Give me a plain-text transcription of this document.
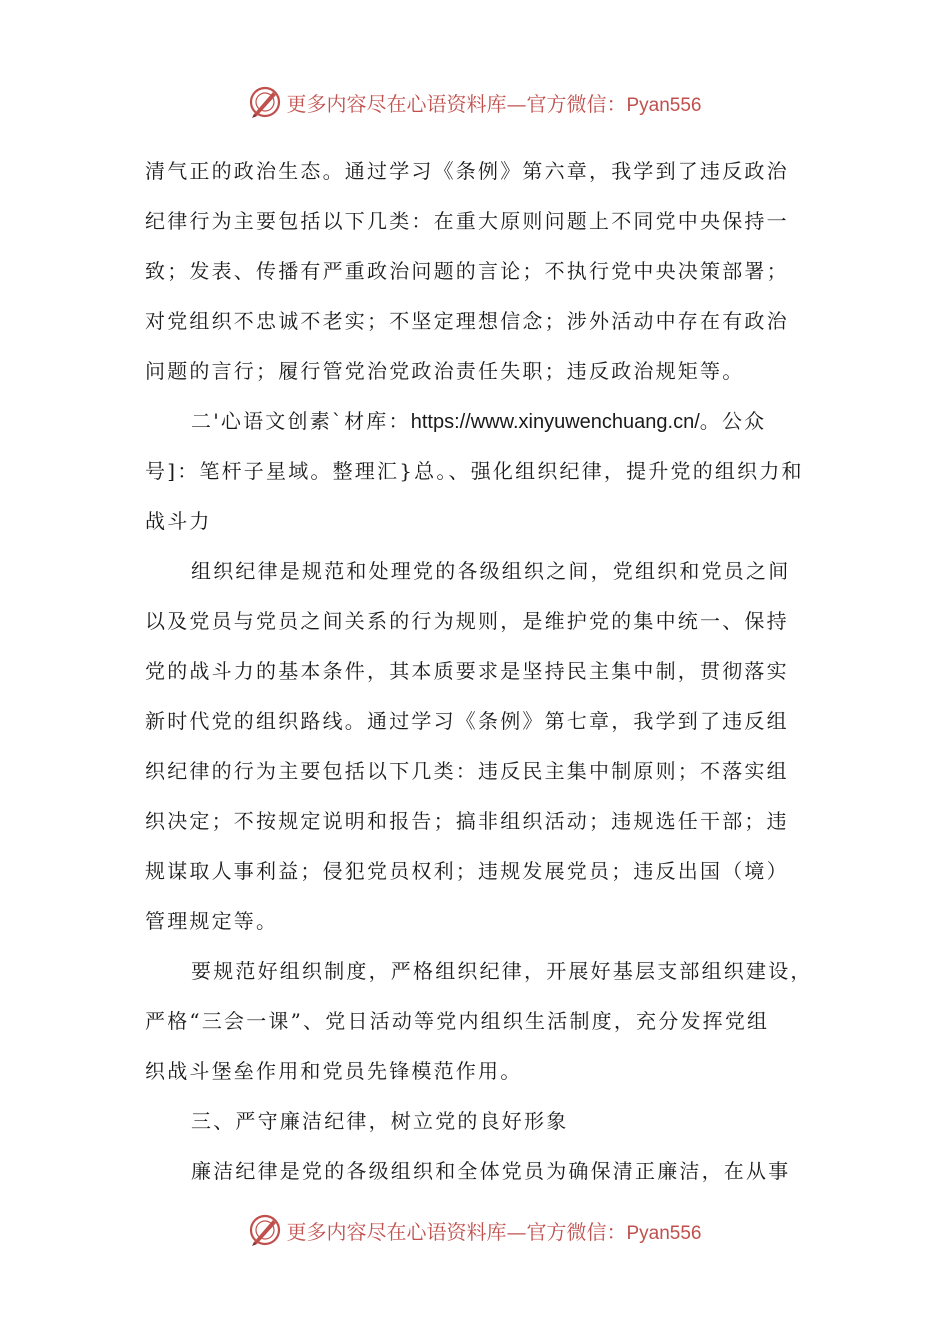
更多内容尽在心语资料库—官方微信：Pyan556
清气正的政治生态。通过学习《条例》第六章，我学到了违反政治
纪律行为主要包括以下几类：在重大原则问题上不同党中央保持一
致；发表、传播有严重政治问题的言论；不执行党中央决策部署；
对党组织不忠诚不老实；不坚定理想信念；涉外活动中存在有政治
问题的言行；履行管党治党政治责任失职；违反政治规矩等。
二'心语文创素`材库：https://www.xinyuwenchuang.cn/。公众
号]：笔杆子星域。整理汇}总。、强化组织纪律，提升党的组织力和
战斗力
组织纪律是规范和处理党的各级组织之间，党组织和党员之间
以及党员与党员之间关系的行为规则，是维护党的集中统一、保持
党的战斗力的基本条件，其本质要求是坚持民主集中制，贯彻落实
新时代党的组织路线。通过学习《条例》第七章，我学到了违反组
织纪律的行为主要包括以下几类：违反民主集中制原则；不落实组
织决定；不按规定说明和报告；搞非组织活动；违规选任干部；违
规谋取人事利益；侵犯党员权利；违规发展党员；违反出国（境）
管理规定等。
要规范好组织制度，严格组织纪律，开展好基层支部组织建设，
严格“三会一课”、党日活动等党内组织生活制度，充分发挥党组
织战斗堡垒作用和党员先锋模范作用。
三、严守廉洁纪律，树立党的良好形象
廉洁纪律是党的各级组织和全体党员为确保清正廉洁，在从事
更多内容尽在心语资料库—官方微信：Pyan556
